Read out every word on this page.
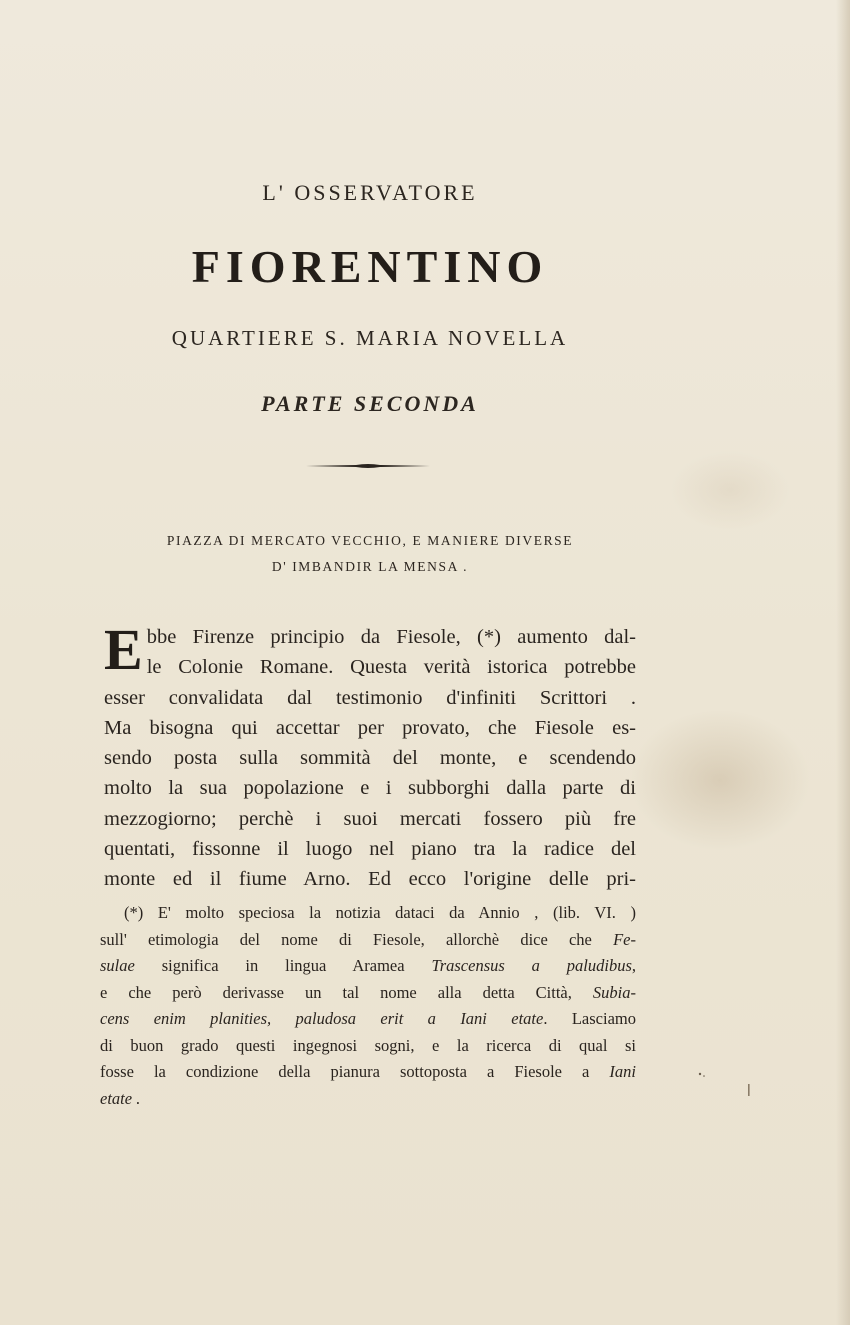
L' OSSERVATORE
FIORENTINO
QUARTIERE S. MARIA NOVELLA
PARTE SECONDA
PIAZZA DI MERCATO VECCHIO, E MANIERE DIVERSE
D' IMBANDIR LA MENSA .
E bbe Firenze principio da Fiesole, (*) aumento dal-
le Colonie Romane. Questa verità istorica potrebbe
esser convalidata dal testimonio d'infiniti Scrittori .
Ma bisogna qui accettar per provato, che Fiesole es-
sendo posta sulla sommità del monte, e scendendo
molto la sua popolazione e i subborghi dalla parte di
mezzogiorno; perchè i suoi mercati fossero più fre
quentati, fissonne il luogo nel piano tra la radice del
monte ed il fiume Arno. Ed ecco l'origine delle pri-
(*) E' molto speciosa la notizia dataci da Annio , (lib. VI. )
sull' etimologia del nome di Fiesole, allorchè dice che Fe-
sulae significa in lingua Aramea Trascensus a paludibus,
e che però derivasse un tal nome alla detta Città, Subia-
cens enim planities, paludosa erit a Iani etate. Lasciamo
di buon grado questi ingegnosi sogni, e la ricerca di qual si
fosse la condizione della pianura sottoposta a Fiesole a Iani
etate .
